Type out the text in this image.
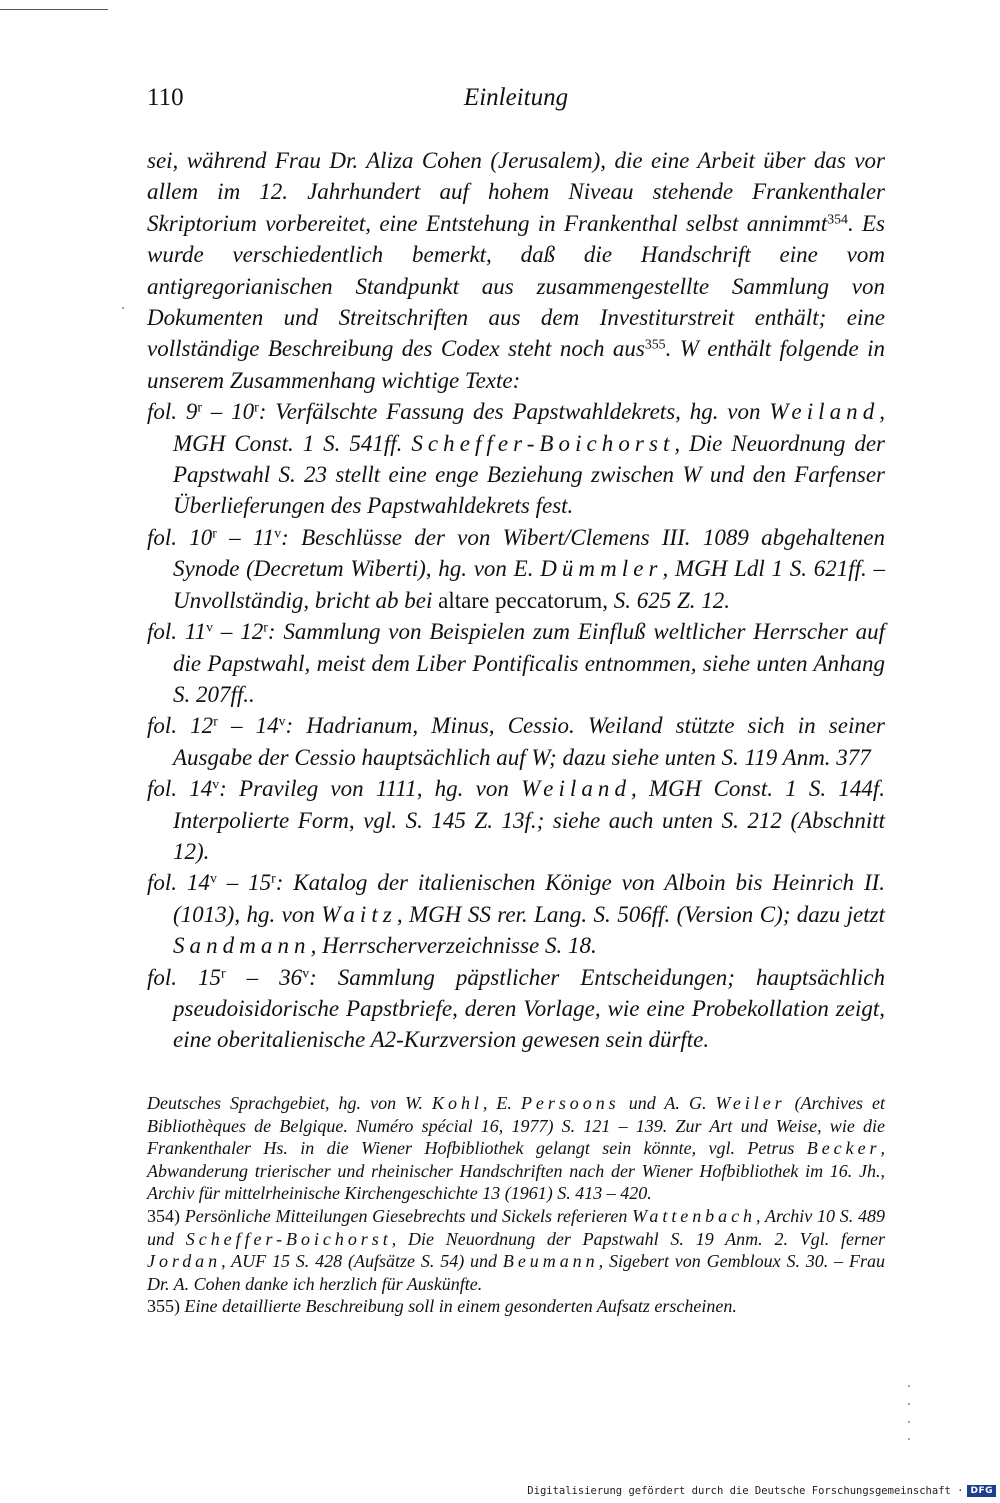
110	Einleitung

sei, während Frau Dr. Aliza Cohen (Jerusalem), die eine Arbeit über das vor allem im 12. Jahrhundert auf hohem Niveau stehende Frankenthaler Skriptorium vorbereitet, eine Entstehung in Frankenthal selbst annimmt$^{354}$. Es wurde verschiedentlich bemerkt, daß die Handschrift eine vom antigregorianischen Standpunkt aus zusammengestellte Sammlung von Dokumenten und Streitschriften aus dem Investiturstreit enthält; eine vollständige Beschreibung des Codex steht noch aus$^{355}$. W enthält folgende in unserem Zusammenhang wichtige Texte:

fol. 9$^r$ – 10$^r$: Verfälschte Fassung des Papstwahldekrets, hg. von Weiland, MGH Const. 1 S. 541ff. Scheffer-Boichorst, Die Neuordnung der Papstwahl S. 23 stellt eine enge Beziehung zwischen W und den Farfenser Überlieferungen des Papstwahldekrets fest.

fol. 10$^r$ – 11$^v$: Beschlüsse der von Wibert/Clemens III. 1089 abgehaltenen Synode (Decretum Wiberti), hg. von E. Dümmler, MGH Ldl 1 S. 621ff. – Unvollständig, bricht ab bei altare peccatorum, S. 625 Z. 12.

fol. 11$^v$ – 12$^r$: Sammlung von Beispielen zum Einfluß weltlicher Herrscher auf die Papstwahl, meist dem Liber Pontificalis entnommen, siehe unten Anhang S. 207ff..

fol. 12$^r$ – 14$^v$: Hadrianum, Minus, Cessio. Weiland stützte sich in seiner Ausgabe der Cessio hauptsächlich auf W; dazu siehe unten S. 119 Anm. 377

fol. 14$^v$: Pravileg von 1111, hg. von Weiland, MGH Const. 1 S. 144f. Interpolierte Form, vgl. S. 145 Z. 13f.; siehe auch unten S. 212 (Abschnitt 12).

fol. 14$^v$ – 15$^r$: Katalog der italienischen Könige von Alboin bis Heinrich II. (1013), hg. von Waitz, MGH SS rer. Lang. S. 506ff. (Version C); dazu jetzt Sandmann, Herrscherverzeichnisse S. 18.

fol. 15$^r$ – 36$^v$: Sammlung päpstlicher Entscheidungen; hauptsächlich pseudoisidorische Papstbriefe, deren Vorlage, wie eine Probekollation zeigt, eine oberitalienische A2-Kurzversion gewesen sein dürfte.

Deutsches Sprachgebiet, hg. von W. Kohl, E. Persoons und A. G. Weiler (Archives et Bibliothèques de Belgique. Numéro spécial 16, 1977) S. 121 – 139. Zur Art und Weise, wie die Frankenthaler Hs. in die Wiener Hofbibliothek gelangt sein könnte, vgl. Petrus Becker, Abwanderung trierischer und rheinischer Handschriften nach der Wiener Hofbibliothek im 16. Jh., Archiv für mittelrheinische Kirchengeschichte 13 (1961) S. 413 – 420.

354) Persönliche Mitteilungen Giesebrechts und Sickels referieren Wattenbach, Archiv 10 S. 489 und Scheffer-Boichorst, Die Neuordnung der Papstwahl S. 19 Anm. 2. Vgl. ferner Jordan, AUF 15 S. 428 (Aufsätze S. 54) und Beumann, Sigebert von Gembloux S. 30. – Frau Dr. A. Cohen danke ich herzlich für Auskünfte.

355) Eine detaillierte Beschreibung soll in einem gesonderten Aufsatz erscheinen.

Digitalisierung gefördert durch die Deutsche Forschungsgemeinschaft · DFG
